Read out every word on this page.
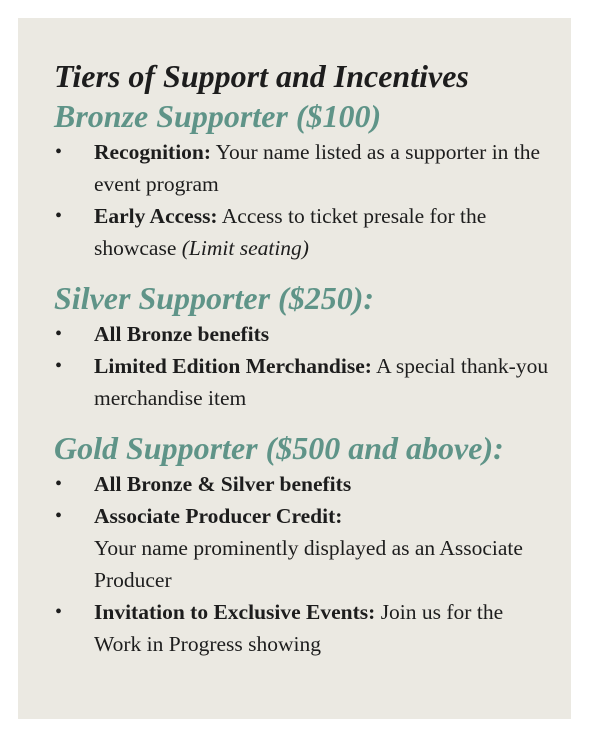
Tiers of Support and Incentives
Bronze Supporter ($100)
• Recognition: Your name listed as a supporter in the event program
• Early Access: Access to ticket presale for the showcase (Limit seating)
Silver Supporter ($250):
• All Bronze benefits
• Limited Edition Merchandise: A special thank-you merchandise item
Gold Supporter ($500 and above):
• All Bronze & Silver benefits
• Associate Producer Credit:
Your name prominently displayed as an Associate Producer
• Invitation to Exclusive Events: Join us for the Work in Progress showing
